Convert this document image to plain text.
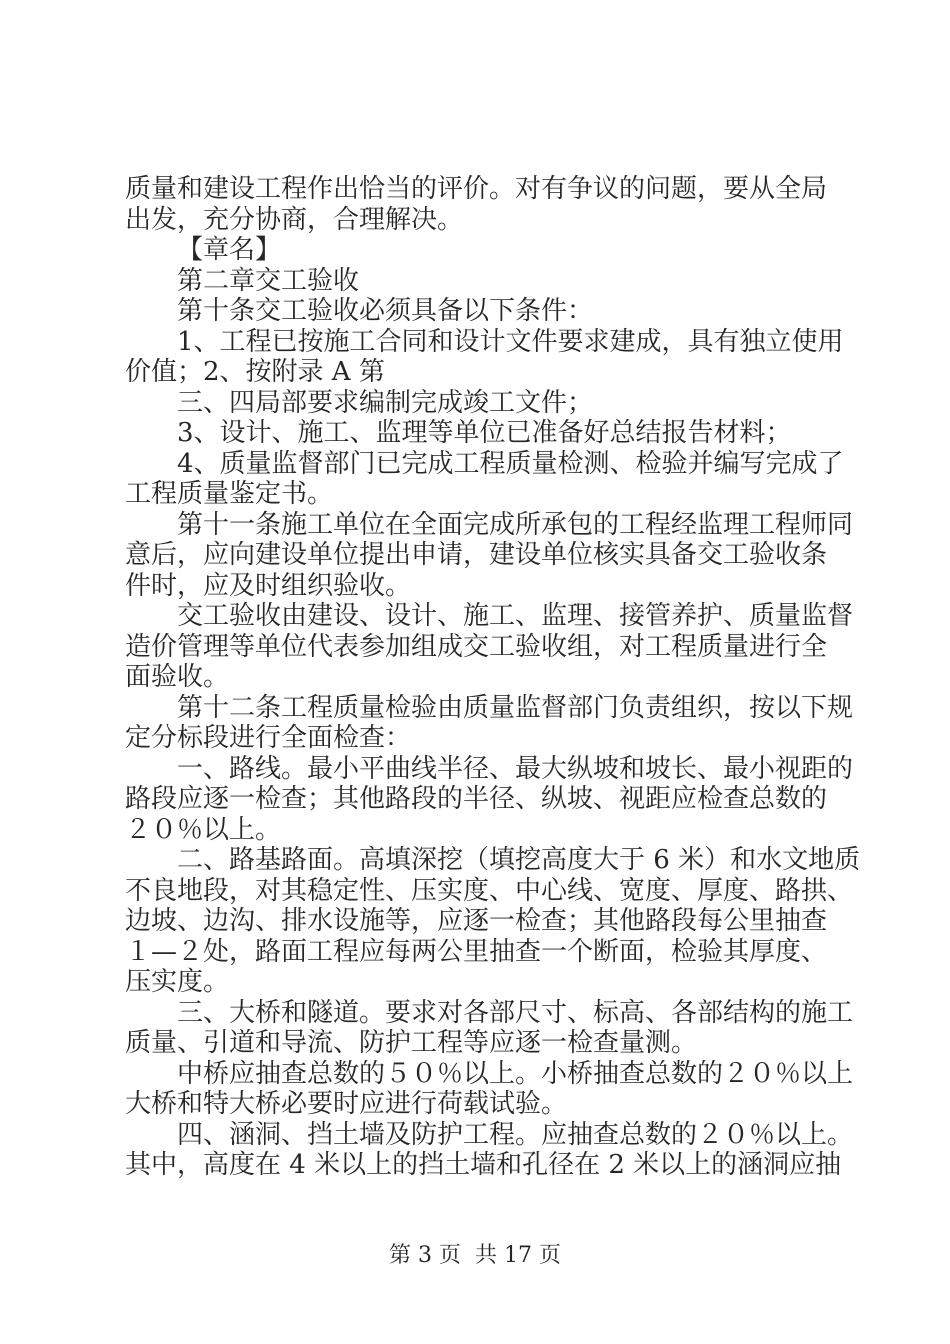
质量和建设工程作出恰当的评价。对有争议的问题，要从全局
出发，充分协商，合理解决。
【章名】
第二章交工验收
第十条交工验收必须具备以下条件：
1、工程已按施工合同和设计文件要求建成，具有独立使用
价值；2、按附录 A 第
三、四局部要求编制完成竣工文件；
3、设计、施工、监理等单位已准备好总结报告材料；
4、质量监督部门已完成工程质量检测、检验并编写完成了
工程质量鉴定书。
第十一条施工单位在全面完成所承包的工程经监理工程师同
意后，应向建设单位提出申请，建设单位核实具备交工验收条
件时，应及时组织验收。
交工验收由建设、设计、施工、监理、接管养护、质量监督
造价管理等单位代表参加组成交工验收组，对工程质量进行全
面验收。
第十二条工程质量检验由质量监督部门负责组织，按以下规
定分标段进行全面检查：
一、路线。最小平曲线半径、最大纵坡和坡长、最小视距的
路段应逐一检查；其他路段的半径、纵坡、视距应检查总数的
２０％以上。
二、路基路面。高填深挖（填挖高度大于 6 米）和水文地质
不良地段，对其稳定性、压实度、中心线、宽度、厚度、路拱、
边坡、边沟、排水设施等，应逐一检查；其他路段每公里抽查
１—２处，路面工程应每两公里抽查一个断面，检验其厚度、
压实度。
三、大桥和隧道。要求对各部尺寸、标高、各部结构的施工
质量、引道和导流、防护工程等应逐一检查量测。
中桥应抽查总数的５０％以上。小桥抽查总数的２０％以上
大桥和特大桥必要时应进行荷载试验。
四、涵洞、挡土墙及防护工程。应抽查总数的２０％以上。
其中，高度在 4 米以上的挡土墙和孔径在 2 米以上的涵洞应抽
第 3 页  共 17 页
